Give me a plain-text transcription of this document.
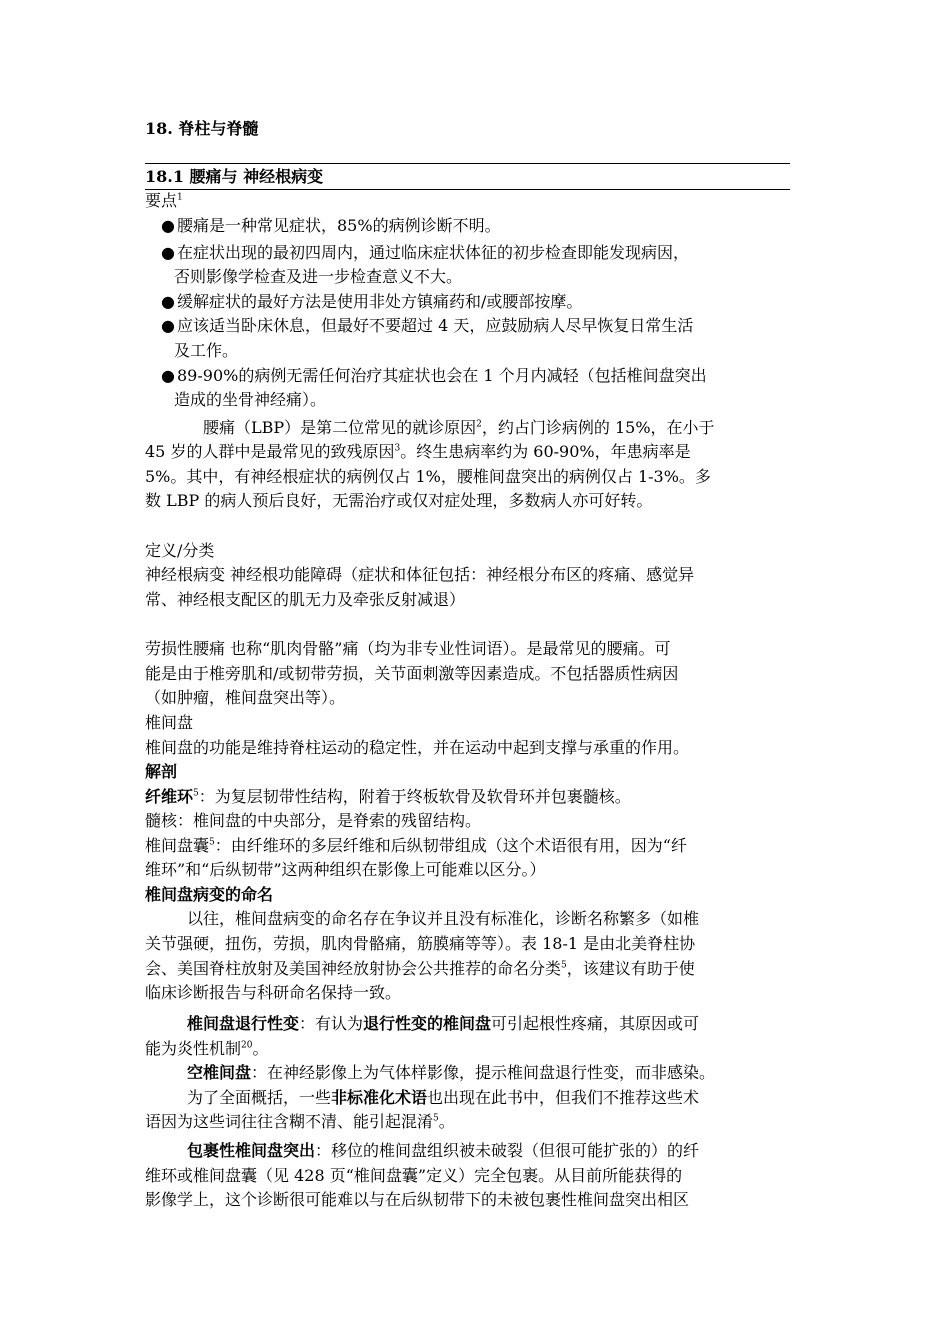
18. 脊柱与脊髓
18.1 腰痛与 神经根病变
要点$^1$
● 腰痛是一种常见症状，85%的病例诊断不明。
● 在症状出现的最初四周内，通过临床症状体征的初步检查即能发现病因，
否则影像学检查及进一步检查意义不大。
● 缓解症状的最好方法是使用非处方镇痛药和/或腰部按摩。
● 应该适当卧床休息，但最好不要超过 4 天，应鼓励病人尽早恢复日常生活
及工作。
● 89-90%的病例无需任何治疗其症状也会在 1 个月内减轻（包括椎间盘突出
造成的坐骨神经痛）。
腰痛（LBP）是第二位常见的就诊原因$^2$，约占门诊病例的 15%，在小于
45 岁的人群中是最常见的致残原因$^3$。终生患病率约为 60-90%，年患病率是
5%。其中，有神经根症状的病例仅占 1%，腰椎间盘突出的病例仅占 1-3%。多
数 LBP 的病人预后良好，无需治疗或仅对症处理，多数病人亦可好转。
定义/分类
神经根病变 神经根功能障碍（症状和体征包括：神经根分布区的疼痛、感觉异
常、神经根支配区的肌无力及牵张反射减退）
劳损性腰痛 也称“肌肉骨骼”痛（均为非专业性词语）。是最常见的腰痛。可
能是由于椎旁肌和/或韧带劳损，关节面刺激等因素造成。不包括器质性病因
（如肿瘤，椎间盘突出等）。
椎间盘
椎间盘的功能是维持脊柱运动的稳定性，并在运动中起到支撑与承重的作用。
解剖
纤维环$^5$：为复层韧带性结构，附着于终板软骨及软骨环并包裹髓核。
髓核：椎间盘的中央部分，是脊索的残留结构。
椎间盘囊$^5$：由纤维环的多层纤维和后纵韧带组成（这个术语很有用，因为“纤
维环”和“后纵韧带”这两种组织在影像上可能难以区分。）
椎间盘病变的命名
以往，椎间盘病变的命名存在争议并且没有标准化，诊断名称繁多（如椎
关节强硬，扭伤，劳损，肌肉骨骼痛，筋膜痛等等）。表 18-1 是由北美脊柱协
会、美国脊柱放射及美国神经放射协会公共推荐的命名分类$^5$，该建议有助于使
临床诊断报告与科研命名保持一致。
椎间盘退行性变：有认为退行性变的椎间盘可引起根性疼痛，其原因或可
能为炎性机制$^{20}$。
空椎间盘：在神经影像上为气体样影像，提示椎间盘退行性变，而非感染。
为了全面概括，一些非标准化术语也出现在此书中，但我们不推荐这些术
语因为这些词往往含糊不清、能引起混淆$^5$。
包裹性椎间盘突出：移位的椎间盘组织被未破裂（但很可能扩张的）的纤
维环或椎间盘囊（见 428 页“椎间盘囊”定义）完全包裹。从目前所能获得的
影像学上，这个诊断很可能难以与在后纵韧带下的未被包裹性椎间盘突出相区
